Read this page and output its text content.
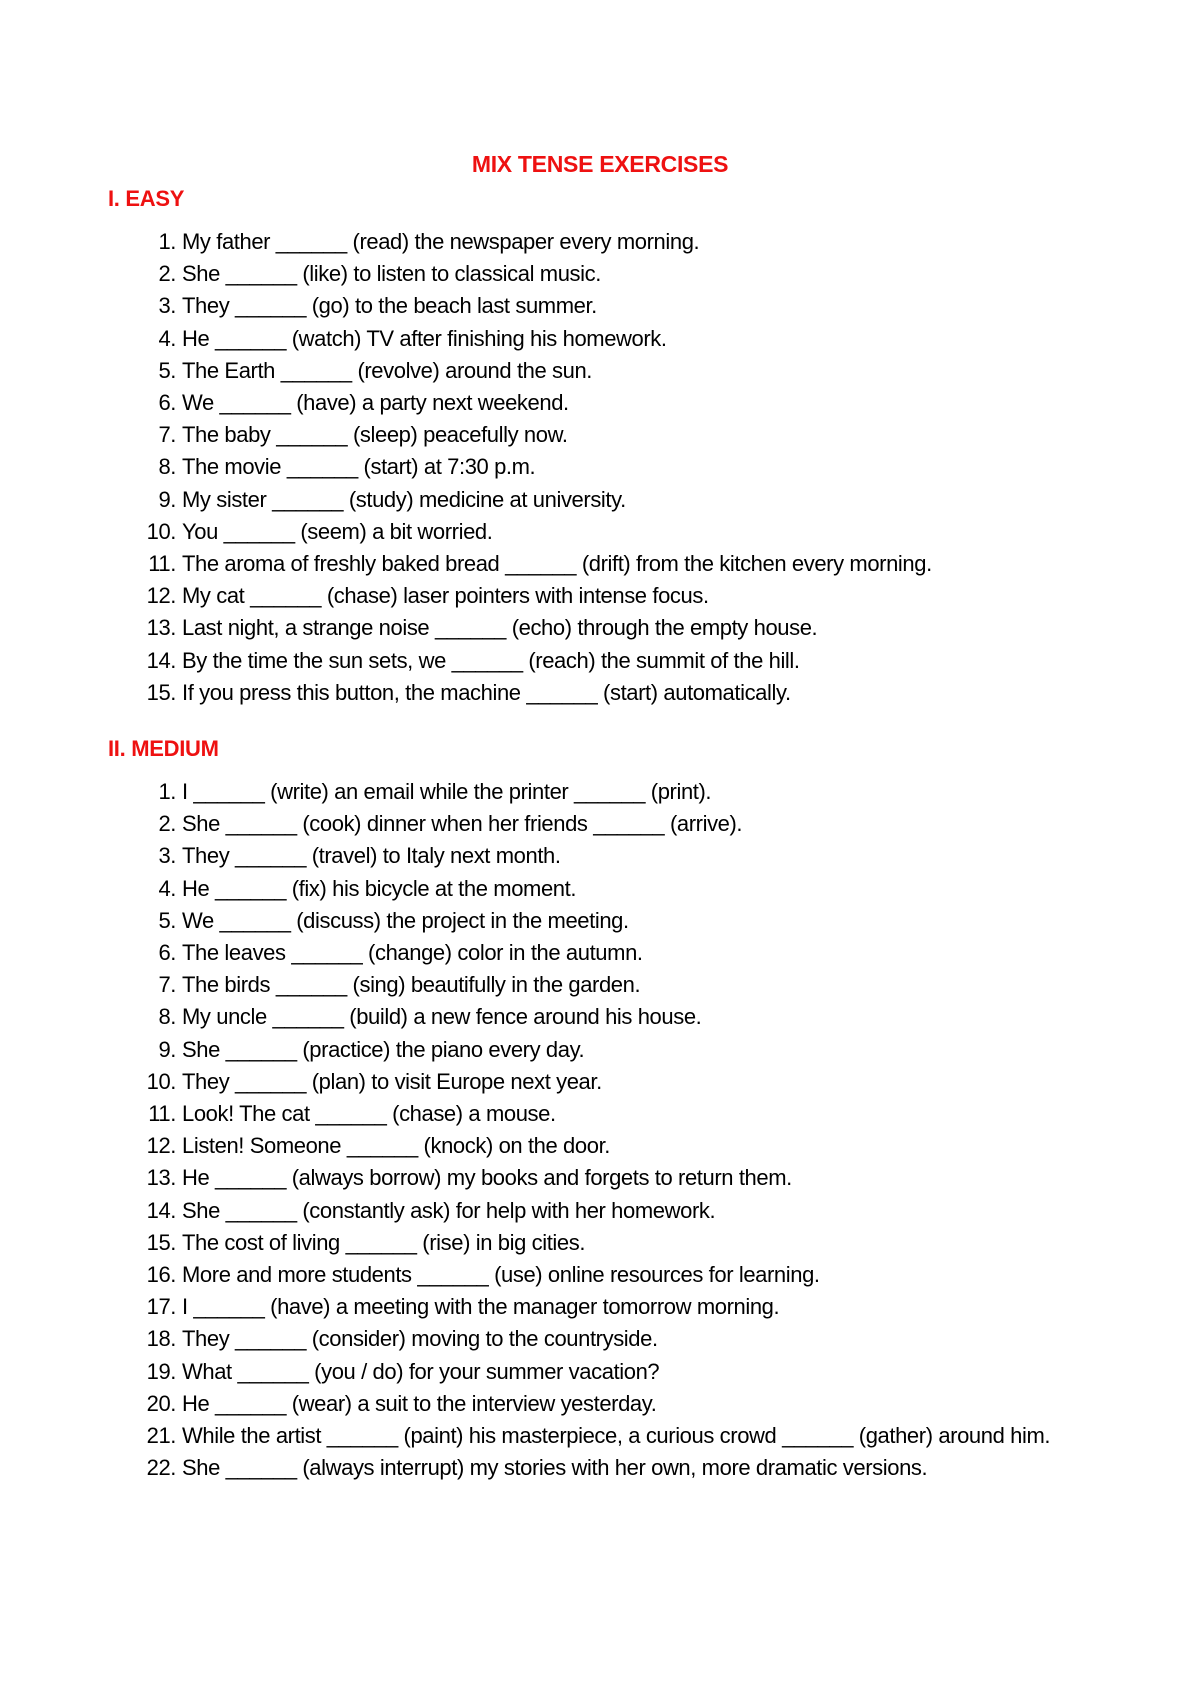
MIX TENSE EXERCISES
I. EASY
1. My father ______ (read) the newspaper every morning.
2. She ______ (like) to listen to classical music.
3. They ______ (go) to the beach last summer.
4. He ______ (watch) TV after finishing his homework.
5. The Earth ______ (revolve) around the sun.
6. We ______ (have) a party next weekend.
7. The baby ______ (sleep) peacefully now.
8. The movie ______ (start) at 7:30 p.m.
9. My sister ______ (study) medicine at university.
10. You ______ (seem) a bit worried.
11. The aroma of freshly baked bread ______ (drift) from the kitchen every morning.
12. My cat ______ (chase) laser pointers with intense focus.
13. Last night, a strange noise ______ (echo) through the empty house.
14. By the time the sun sets, we ______ (reach) the summit of the hill.
15. If you press this button, the machine ______ (start) automatically.
II. MEDIUM
1. I ______ (write) an email while the printer ______ (print).
2. She ______ (cook) dinner when her friends ______ (arrive).
3. They ______ (travel) to Italy next month.
4. He ______ (fix) his bicycle at the moment.
5. We ______ (discuss) the project in the meeting.
6. The leaves ______ (change) color in the autumn.
7. The birds ______ (sing) beautifully in the garden.
8. My uncle ______ (build) a new fence around his house.
9. She ______ (practice) the piano every day.
10. They ______ (plan) to visit Europe next year.
11. Look! The cat ______ (chase) a mouse.
12. Listen! Someone ______ (knock) on the door.
13. He ______ (always borrow) my books and forgets to return them.
14. She ______ (constantly ask) for help with her homework.
15. The cost of living ______ (rise) in big cities.
16. More and more students ______ (use) online resources for learning.
17. I ______ (have) a meeting with the manager tomorrow morning.
18. They ______ (consider) moving to the countryside.
19. What ______ (you / do) for your summer vacation?
20. He ______ (wear) a suit to the interview yesterday.
21. While the artist ______ (paint) his masterpiece, a curious crowd ______ (gather) around him.
22. She ______ (always interrupt) my stories with her own, more dramatic versions.
